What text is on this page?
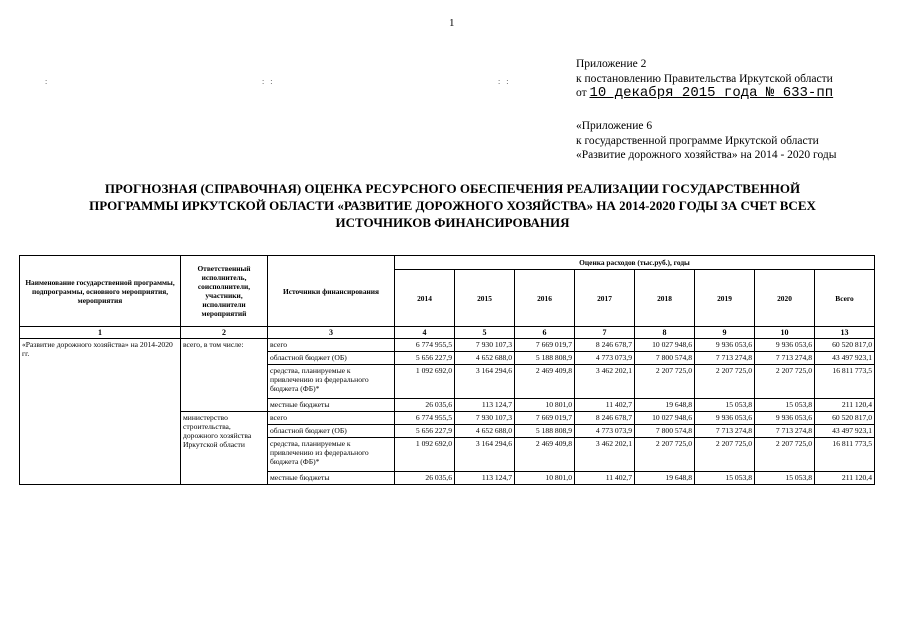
1
:	: :	: :
Приложение 2
к постановлению Правительства Иркутской области
от 10 декабря 2015 года № 633-пп
«Приложение 6
к государственной программе Иркутской области
«Развитие дорожного хозяйства» на 2014 - 2020 годы
ПРОГНОЗНАЯ (СПРАВОЧНАЯ) ОЦЕНКА РЕСУРСНОГО ОБЕСПЕЧЕНИЯ РЕАЛИЗАЦИИ ГОСУДАРСТВЕННОЙ
ПРОГРАММЫ ИРКУТСКОЙ ОБЛАСТИ «РАЗВИТИЕ ДОРОЖНОГО ХОЗЯЙСТВА» НА 2014-2020 ГОДЫ ЗА СЧЕТ ВСЕХ
ИСТОЧНИКОВ ФИНАНСИРОВАНИЯ
Наименование государственной программы, подпрограммы, основного мероприятия, мероприятия	Ответственный исполнитель, соисполнители, участники, исполнители мероприятий	Источники финансирования	Оценка расходов (тыс.руб.), годы							
			2014	2015	2016	2017	2018	2019	2020	Всего
1	2	3	4	5	6	7	8	9	10	13
«Развитие дорожного хозяйства» на 2014-2020 гг.	всего, в том числе:	всего	6 774 955,5	7 930 107,3	7 669 019,7	8 246 678,7	10 027 948,6	9 936 053,6	9 936 053,6	60 520 817,0
		областной бюджет (ОБ)	5 656 227,9	4 652 688,0	5 188 808,9	4 773 073,9	7 800 574,8	7 713 274,8	7 713 274,8	43 497 923,1
		средства, планируемые к привлечению из федерального бюджета (ФБ)*	1 092 692,0	3 164 294,6	2 469 409,8	3 462 202,1	2 207 725,0	2 207 725,0	2 207 725,0	16 811 773,5
		местные бюджеты	26 035,6	113 124,7	10 801,0	11 402,7	19 648,8	15 053,8	15 053,8	211 120,4
	министерство строительства, дорожного хозяйства Иркутской области	всего	6 774 955,5	7 930 107,3	7 669 019,7	8 246 678,7	10 027 948,6	9 936 053,6	9 936 053,6	60 520 817,0
		областной бюджет (ОБ)	5 656 227,9	4 652 688,0	5 188 808,9	4 773 073,9	7 800 574,8	7 713 274,8	7 713 274,8	43 497 923,1
		средства, планируемые к привлечению из федерального бюджета (ФБ)*	1 092 692,0	3 164 294,6	2 469 409,8	3 462 202,1	2 207 725,0	2 207 725,0	2 207 725,0	16 811 773,5
		местные бюджеты	26 035,6	113 124,7	10 801,0	11 402,7	19 648,8	15 053,8	15 053,8	211 120,4
